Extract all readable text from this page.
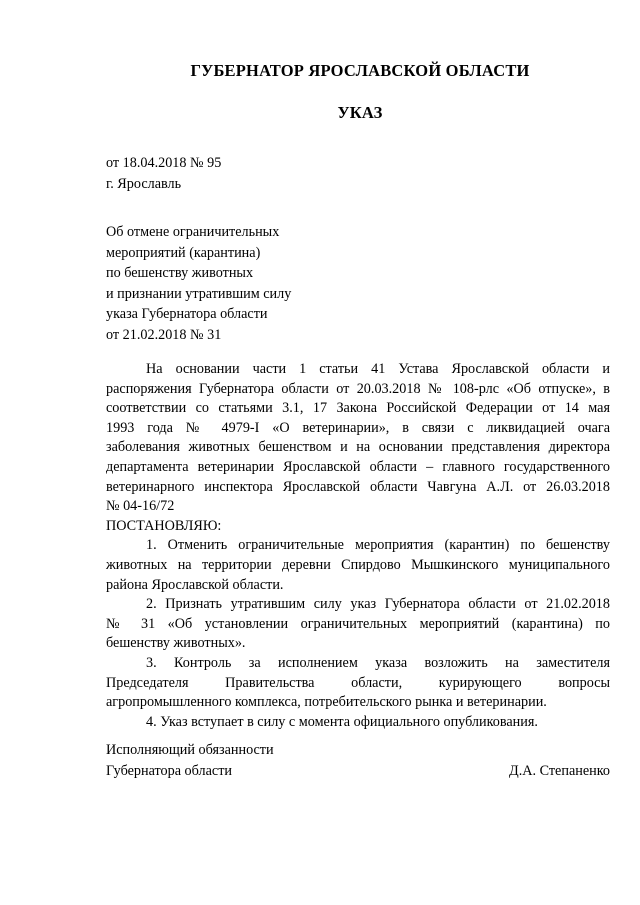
ГУБЕРНАТОР ЯРОСЛАВСКОЙ ОБЛАСТИ
УКАЗ
от 18.04.2018 № 95
г. Ярославль
Об отмене ограничительных
мероприятий (карантина)
по бешенству животных
и признании утратившим силу
указа Губернатора области
от 21.02.2018 № 31

На основании части 1 статьи 41 Устава Ярославской области и
распоряжения Губернатора области от 20.03.2018 № 108-рлс «Об отпуске», в
соответствии со статьями 3.1, 17 Закона Российской Федерации от 14 мая
1993 года № 4979-I «О ветеринарии», в связи с ликвидацией очага
заболевания животных бешенством и на основании представления директора
департамента ветеринарии Ярославской области – главного государственного
ветеринарного инспектора Ярославской области Чавгуна А.Л. от 26.03.2018
№ 04-16/72

ПОСТАНОВЛЯЮ:

1. Отменить ограничительные мероприятия (карантин) по бешенству
животных на территории деревни Спирдово Мышкинского муниципального
района Ярославской области.

2. Признать утратившим силу указ Губернатора области от 21.02.2018
№ 31 «Об установлении ограничительных мероприятий (карантина) по
бешенству животных».

3. Контроль за исполнением указа возложить на заместителя
Председателя Правительства области, курирующего вопросы
агропромышленного комплекса, потребительского рынка и ветеринарии.

4. Указ вступает в силу с момента официального опубликования.

Исполняющий обязанности
Губернатора области	Д.А. Степаненко
